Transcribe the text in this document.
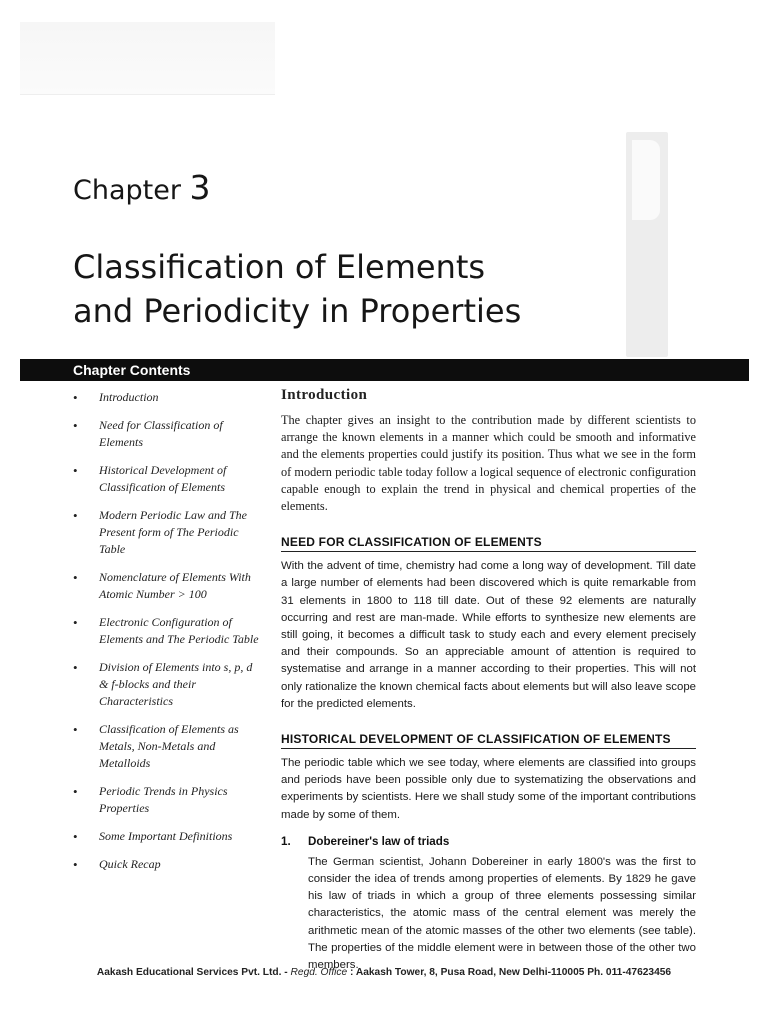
Chapter 3
Classification of Elements
and Periodicity in Properties
Chapter Contents
• Introduction
• Need for Classification of Elements
• Historical Development of Classification of Elements
• Modern Periodic Law and The Present form of The Periodic Table
• Nomenclature of Elements With Atomic Number > 100
• Electronic Configuration of Elements and The Periodic Table
• Division of Elements into s, p, d & f-blocks and their Characteristics
• Classification of Elements as Metals, Non-Metals and Metalloids
• Periodic Trends in Physics Properties
• Some Important Definitions
• Quick Recap
Introduction

The chapter gives an insight to the contribution made by different scientists to arrange the known elements in a manner which could be smooth and informative and the elements properties could justify its position. Thus what we see in the form of modern periodic table today follow a logical sequence of electronic configuration capable enough to explain the trend in physical and chemical properties of the elements.

NEED FOR CLASSIFICATION OF ELEMENTS

With the advent of time, chemistry had come a long way of development. Till date a large number of elements had been discovered which is quite remarkable from 31 elements in 1800 to 118 till date. Out of these 92 elements are naturally occurring and rest are man-made. While efforts to synthesize new elements are still going, it becomes a difficult task to study each and every element precisely and their compounds. So an appreciable amount of attention is required to systematise and arrange in a manner according to their properties. This will not only rationalize the known chemical facts about elements but will also leave scope for the predicted elements.

HISTORICAL DEVELOPMENT OF CLASSIFICATION OF ELEMENTS

The periodic table which we see today, where elements are classified into groups and periods have been possible only due to systematizing the observations and experiments by scientists. Here we shall study some of the important contributions made by some of them.

1. Dobereiner's law of triads

The German scientist, Johann Dobereiner in early 1800's was the first to consider the idea of trends among properties of elements. By 1829 he gave his law of triads in which a group of three elements possessing similar characteristics, the atomic mass of the central element was merely the arithmetic mean of the atomic masses of the other two elements (see table). The properties of the middle element were in between those of the other two members.

Aakash Educational Services Pvt. Ltd. - Regd. Office : Aakash Tower, 8, Pusa Road, New Delhi-110005 Ph. 011-47623456
